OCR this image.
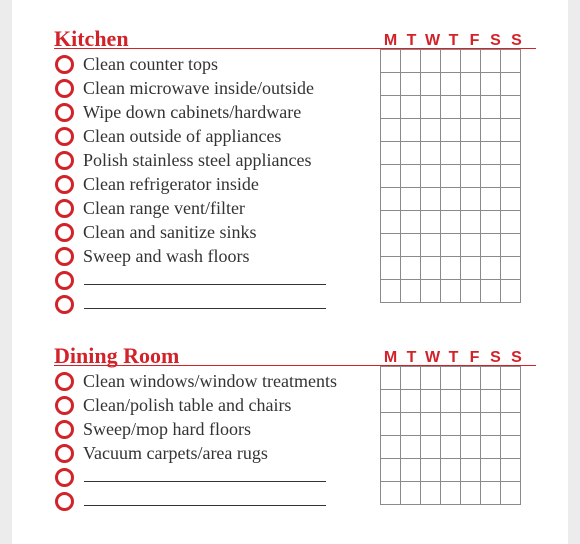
Kitchen	M T W T F S S
Clean counter tops
Clean microwave inside/outside
Wipe down cabinets/hardware
Clean outside of appliances
Polish stainless steel appliances
Clean refrigerator inside
Clean range vent/filter
Clean and sanitize sinks
Sweep and wash floors

Dining Room	M T W T F S S
Clean windows/window treatments
Clean/polish table and chairs
Sweep/mop hard floors
Vacuum carpets/area rugs
